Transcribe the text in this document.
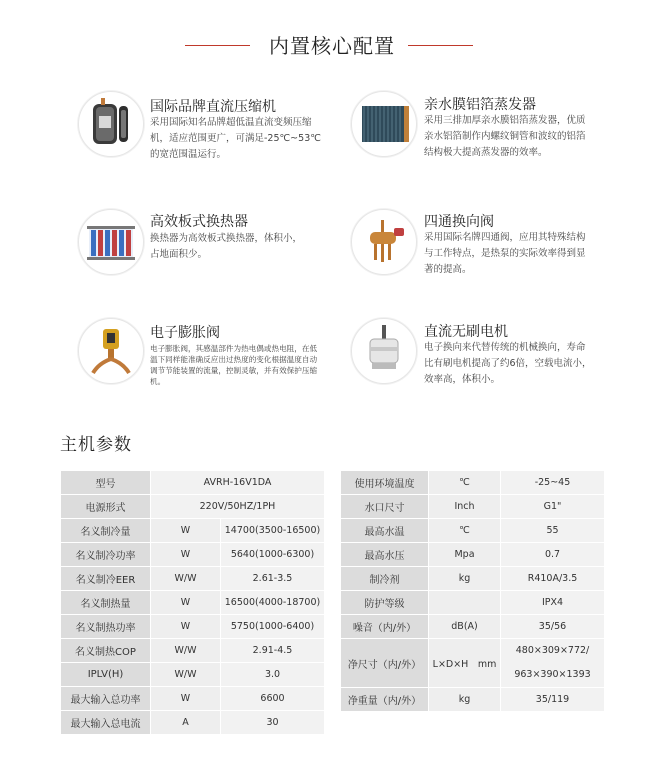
内置核心配置
国际品牌直流压缩机
采用国际知名品牌超低温直流变频压缩机，适应范围更广，可满足-25℃~53℃的宽范围温运行。
亲水膜铝箔蒸发器
采用三排加厚亲水膜铝箔蒸发器，优质亲水铝箔制作内螺纹铜管和波纹的铝箔结构极大提高蒸发器的效率。
高效板式换热器
换热器为高效板式换热器，体积小，占地面积少。
四通换向阀
采用国际名牌四通阀，应用其特殊结构与工作特点，是热泵的实际效率得到显著的提高。
电子膨胀阀
电子膨胀阀，其感温部件为热电偶或热电阻，在低温下同样能准确反应出过热度的变化根据温度自动调节节能装置的流量，控制灵敏，并有效保护压缩机。
直流无刷电机
电子换向来代替传统的机械换向，寿命比有刷电机提高了约6倍，空载电流小，效率高，体积小。
主机参数
型号	AVRH-16V1DA	
电源形式	220V/50HZ/1PH	
名义制冷量	W	14700(3500-16500)
名义制冷功率	W	5640(1000-6300)
名义制冷EER	W/W	2.61-3.5
名义制热量	W	16500(4000-18700)
名义制热功率	W	5750(1000-6400)
名义制热COP	W/W	2.91-4.5
IPLV(H)	W/W	3.0
最大输入总功率	W	6600
最大输入总电流	A	30
使用环境温度	℃	-25~45
水口尺寸	Inch	G1"
最高水温	℃	55
最高水压	Mpa	0.7
制冷剂	kg	R410A/3.5
防护等级		IPX4
噪音（内/外）	dB(A)	35/56
净尺寸（内/外）	L×D×H　mm	480×309×772/
963×390×1393

净重量（内/外）	kg	35/119
